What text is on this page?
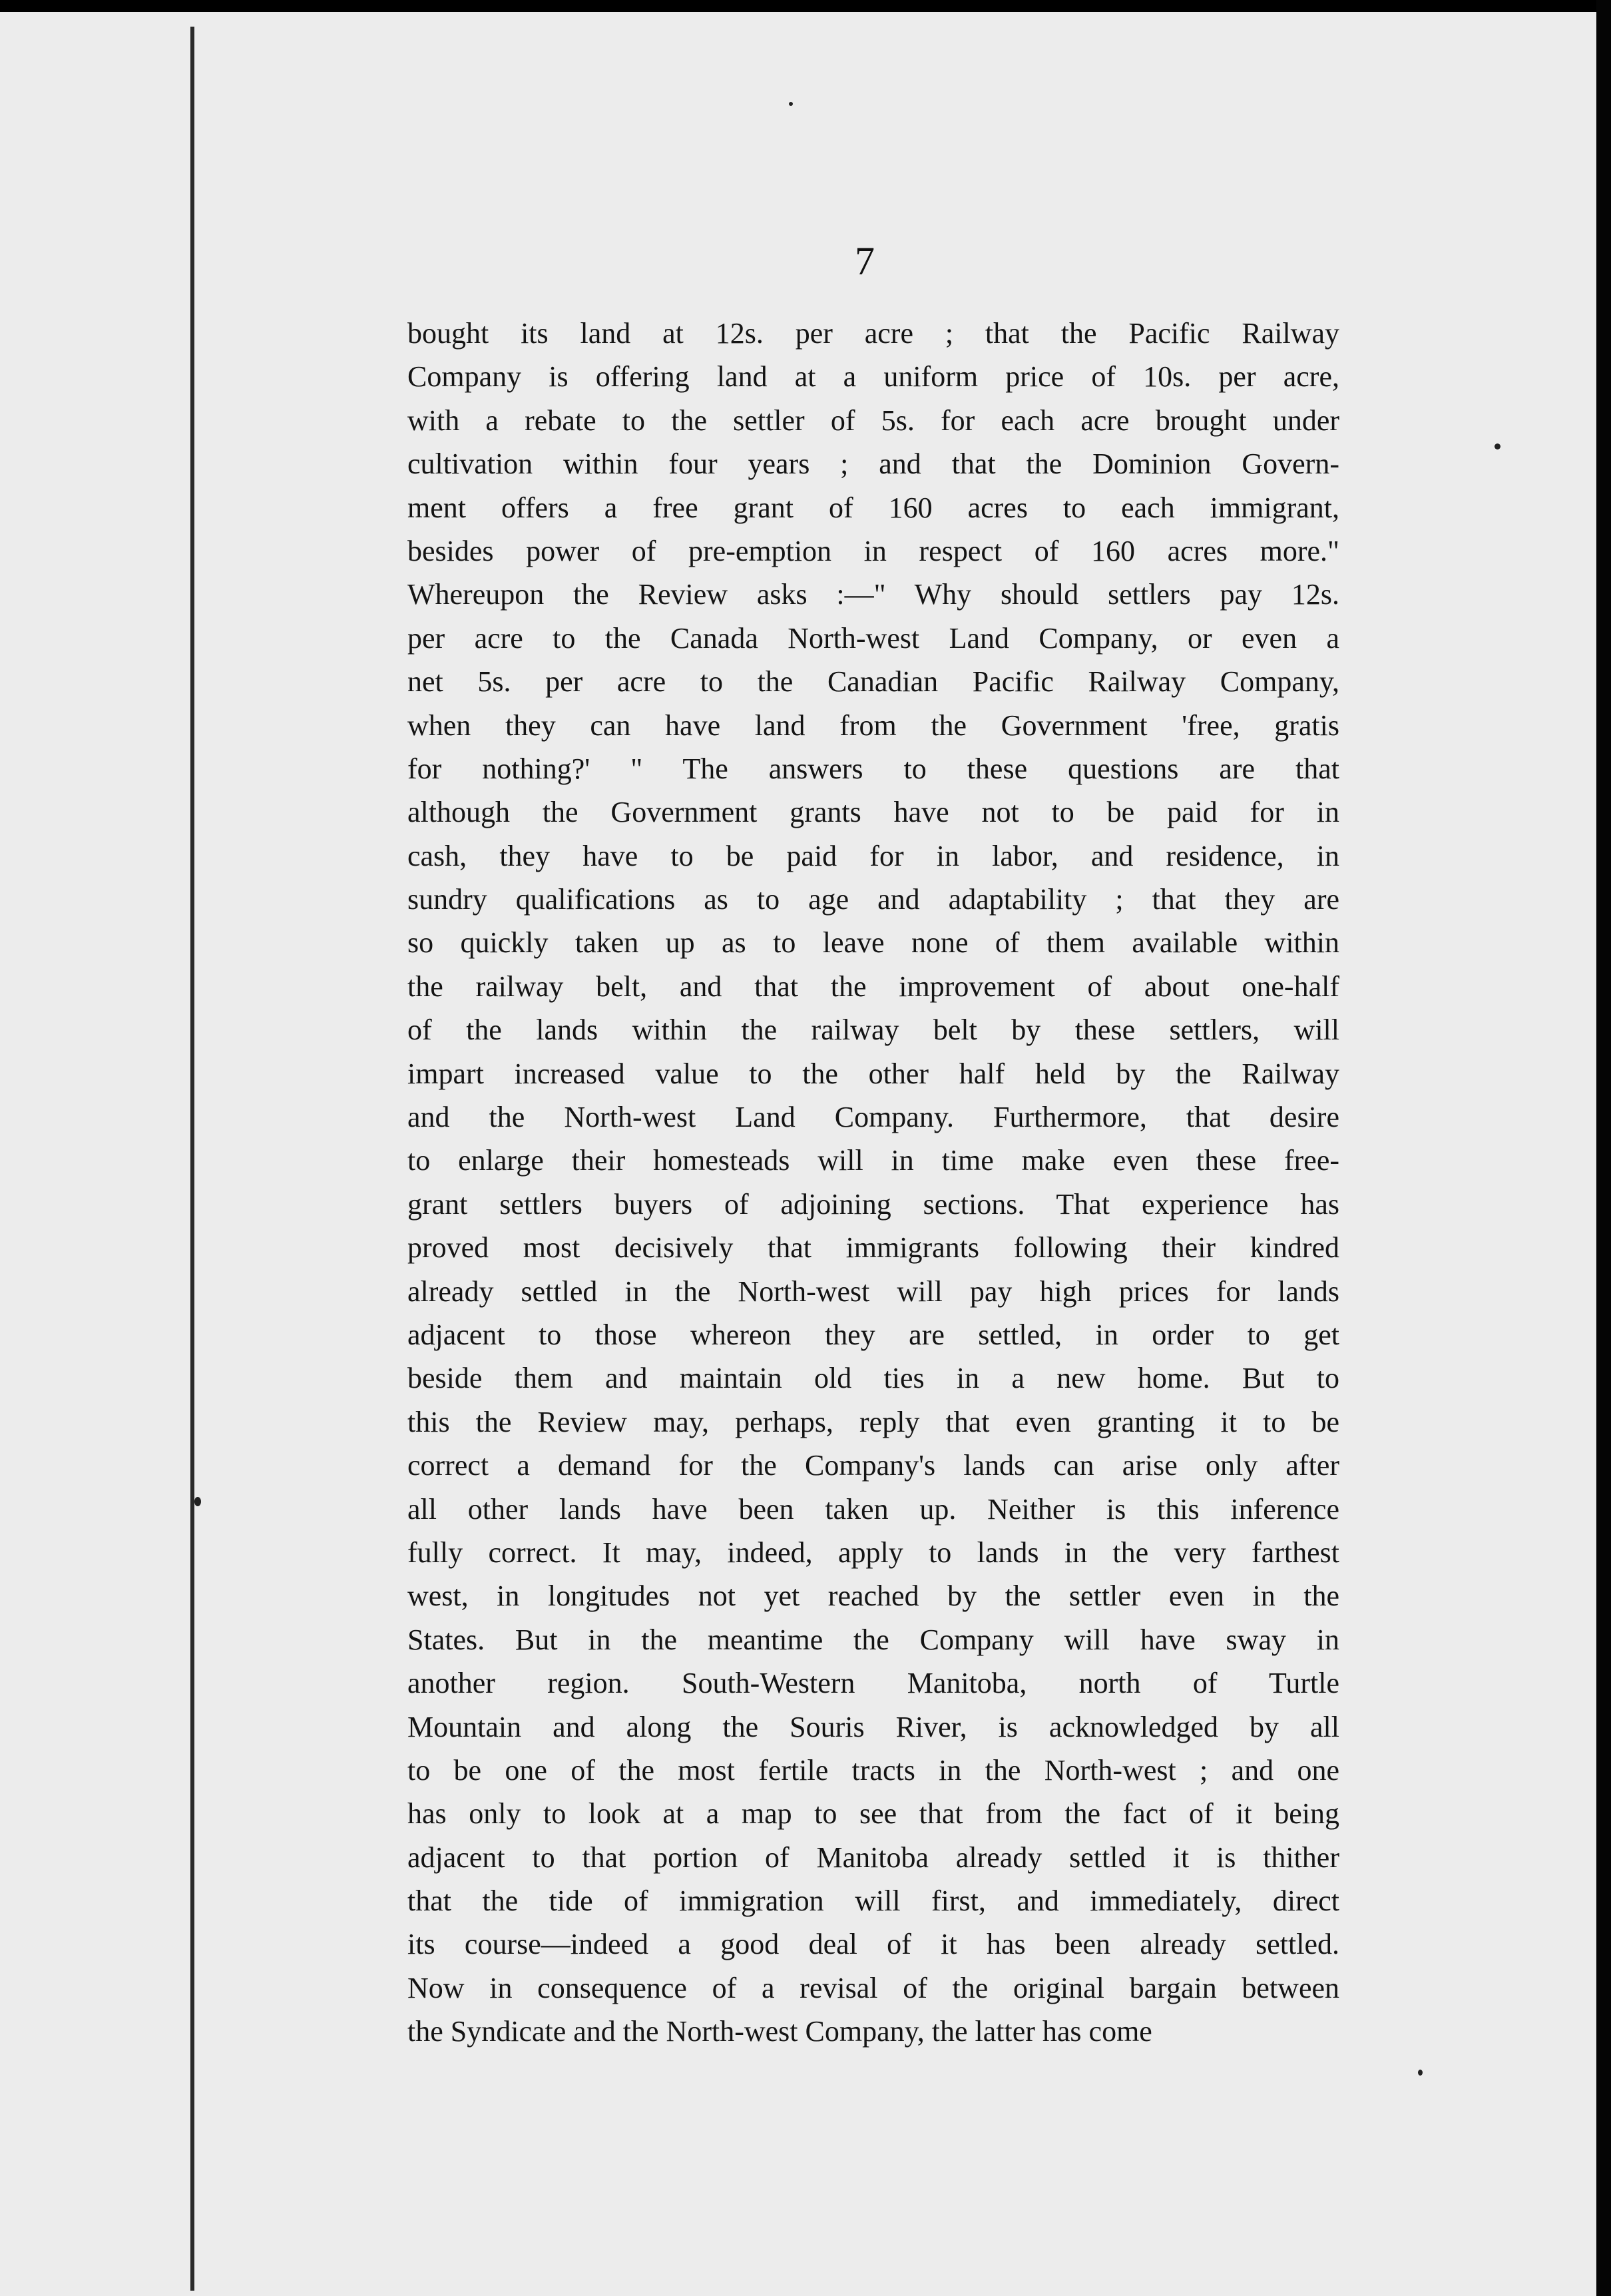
7
bought its land at 12s. per acre ; that the Pacific Railway
Company is offering land at a uniform price of 10s. per acre,
with a rebate to the settler of 5s. for each acre brought under
cultivation within four years ; and that the Dominion Govern-
ment offers a free grant of 160 acres to each immigrant,
besides power of pre-emption in respect of 160 acres more."
Whereupon the Review asks :—" Why should settlers pay 12s.
per acre to the Canada North-west Land Company, or even a
net 5s. per acre to the Canadian Pacific Railway Company,
when they can have land from the Government 'free, gratis
for nothing?' " The answers to these questions are that
although the Government grants have not to be paid for in
cash, they have to be paid for in labor, and residence, in
sundry qualifications as to age and adaptability ; that they are
so quickly taken up as to leave none of them available within
the railway belt, and that the improvement of about one-half
of the lands within the railway belt by these settlers, will
impart increased value to the other half held by the Railway
and the North-west Land Company. Furthermore, that desire
to enlarge their homesteads will in time make even these free-
grant settlers buyers of adjoining sections. That experience has
proved most decisively that immigrants following their kindred
already settled in the North-west will pay high prices for lands
adjacent to those whereon they are settled, in order to get
beside them and maintain old ties in a new home. But to
this the Review may, perhaps, reply that even granting it to be
correct a demand for the Company's lands can arise only after
all other lands have been taken up. Neither is this inference
fully correct. It may, indeed, apply to lands in the very farthest
west, in longitudes not yet reached by the settler even in the
States. But in the meantime the Company will have sway in
another region. South-Western Manitoba, north of Turtle
Mountain and along the Souris River, is acknowledged by all
to be one of the most fertile tracts in the North-west ; and one
has only to look at a map to see that from the fact of it being
adjacent to that portion of Manitoba already settled it is thither
that the tide of immigration will first, and immediately, direct
its course—indeed a good deal of it has been already settled.
Now in consequence of a revisal of the original bargain between
the Syndicate and the North-west Company, the latter has come
